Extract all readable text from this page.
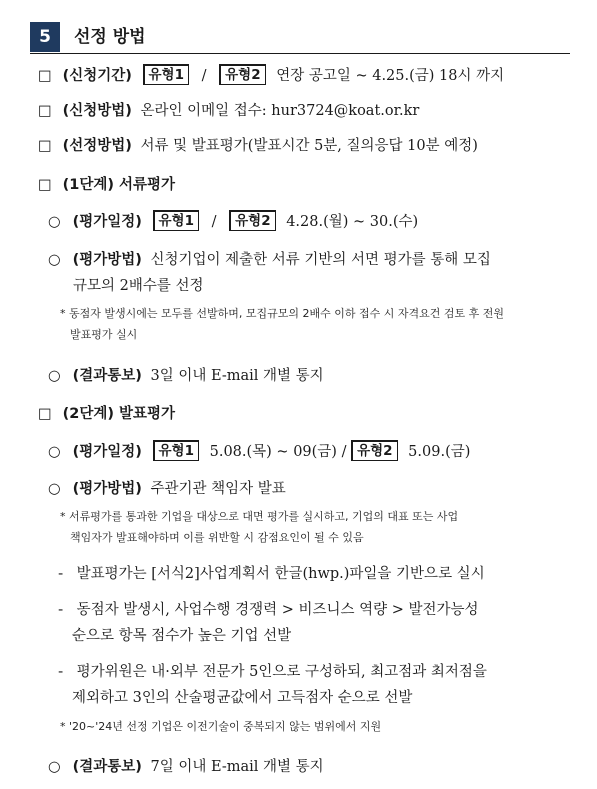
5	선정 방법
□ (신청기간) 유형1 / 유형2 연장 공고일 ~ 4.25.(금) 18시 까지
□ (신청방법) 온라인 이메일 접수: hur3724@koat.or.kr
□ (선정방법) 서류 및 발표평가(발표시간 5분, 질의응답 10분 예정)
□ (1단계) 서류평가
○ (평가일정) 유형1 / 유형2 4.28.(월) ~ 30.(수)
○ (평가방법) 신청기업이 제출한 서류 기반의 서면 평가를 통해 모집
규모의 2배수를 선정
* 동점자 발생시에는 모두를 선발하며, 모집규모의 2배수 이하 접수 시 자격요건 검토 후 전원
발표평가 실시
○ (결과통보) 3일 이내 E-mail 개별 통지
□ (2단계) 발표평가
○ (평가일정) 유형1 5.08.(목) ~ 09(금) / 유형2 5.09.(금)
○ (평가방법) 주관기관 책임자 발표
* 서류평가를 통과한 기업을 대상으로 대면 평가를 실시하고, 기업의 대표 또는 사업
책임자가 발표해야하며 이를 위반할 시 감점요인이 될 수 있음
- 발표평가는 [서식2]사업계획서 한글(hwp.)파일을 기반으로 실시
- 동점자 발생시, 사업수행 경쟁력 > 비즈니스 역량 > 발전가능성
순으로 항목 점수가 높은 기업 선발
- 평가위원은 내·외부 전문가 5인으로 구성하되, 최고점과 최저점을
제외하고 3인의 산술평균값에서 고득점자 순으로 선발
* '20~'24년 선정 기업은 이전기술이 중복되지 않는 범위에서 지원
○ (결과통보) 7일 이내 E-mail 개별 통지
